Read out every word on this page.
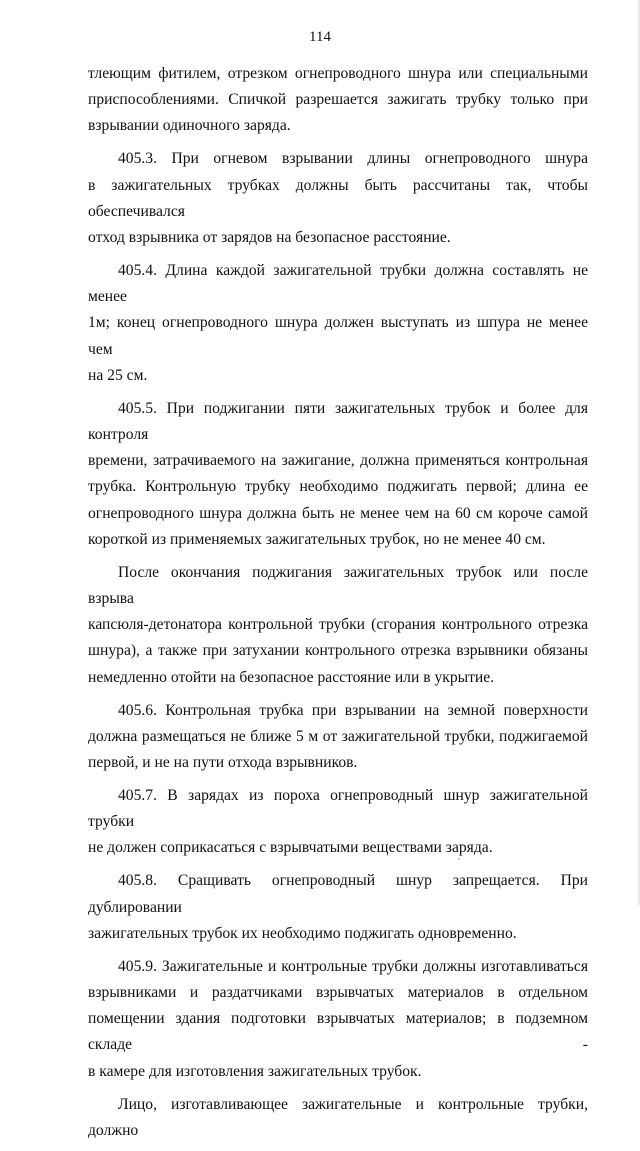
114

тлеющим фитилем, отрезком огнепроводного шнура или специальными
приспособлениями. Спичкой разрешается зажигать трубку только при
взрывании одиночного заряда.

405.3. При огневом взрывании длины огнепроводного шнура
в зажигательных трубках должны быть рассчитаны так, чтобы обеспечивался
отход взрывника от зарядов на безопасное расстояние.

405.4. Длина каждой зажигательной трубки должна составлять не менее
1м; конец огнепроводного шнура должен выступать из шпура не менее чем
на 25 см.

405.5. При поджигании пяти зажигательных трубок и более для контроля
времени, затрачиваемого на зажигание, должна применяться контрольная
трубка. Контрольную трубку необходимо поджигать первой; длина ее
огнепроводного шнура должна быть не менее чем на 60 см короче самой
короткой из применяемых зажигательных трубок, но не менее 40 см.

После окончания поджигания зажигательных трубок или после взрыва
капсюля-детонатора контрольной трубки (сгорания контрольного отрезка
шнура), а также при затухании контрольного отрезка взрывники обязаны
немедленно отойти на безопасное расстояние или в укрытие.

405.6. Контрольная трубка при взрывании на земной поверхности
должна размещаться не ближе 5 м от зажигательной трубки, поджигаемой
первой, и не на пути отхода взрывников.

405.7. В зарядах из пороха огнепроводный шнур зажигательной трубки
не должен соприкасаться с взрывчатыми веществами заряда.

405.8. Сращивать огнепроводный шнур запрещается. При дублировании
зажигательных трубок их необходимо поджигать одновременно.

405.9. Зажигательные и контрольные трубки должны изготавливаться
взрывниками и раздатчиками взрывчатых материалов в отдельном
помещении здания подготовки взрывчатых материалов; в подземном складе -
в камере для изготовления зажигательных трубок.

Лицо, изготавливающее зажигательные и контрольные трубки, должно
